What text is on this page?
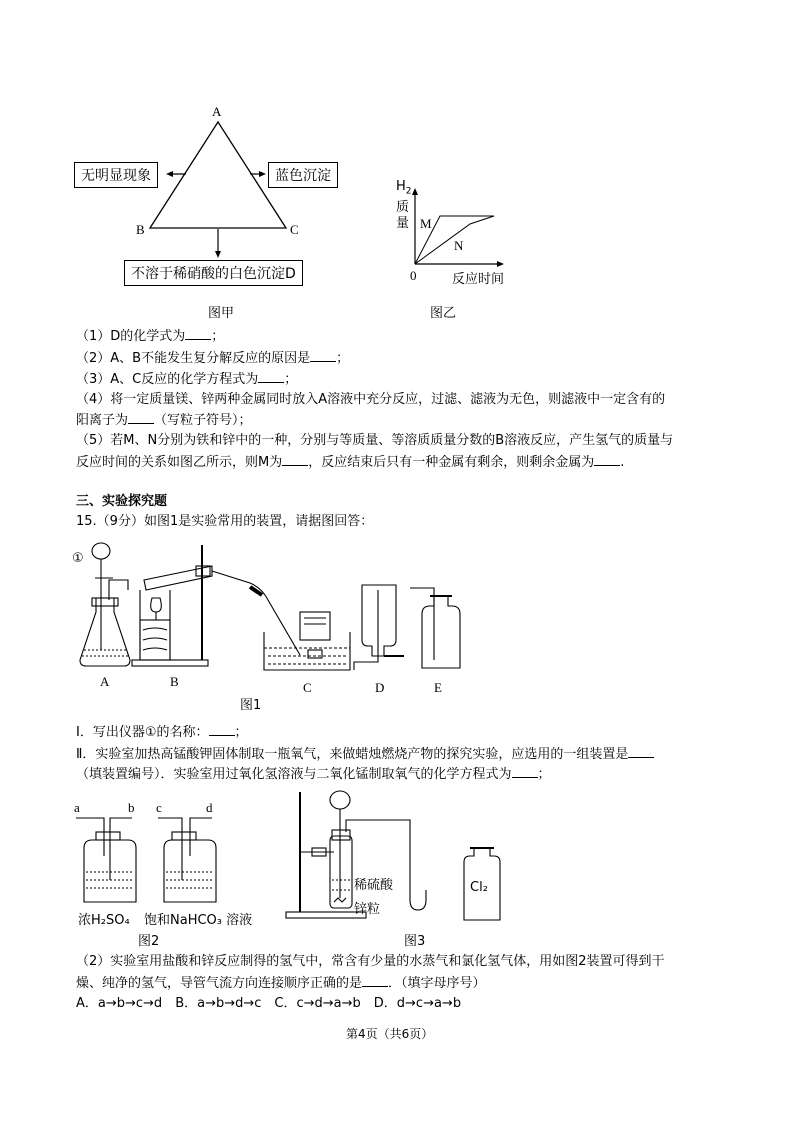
A
B	C
无明显现象	蓝色沉淀
不溶于稀硝酸的白色沉淀D
图甲
$H_2$
质
量 M
N
0	反应时间
图乙
（1）D的化学式为 ；
（2）A、B不能发生复分解反应的原因是 ；
（3）A、C反应的化学方程式为 ；
（4）将一定质量镁、锌两种金属同时放入A溶液中充分反应，过滤、滤液为无色，则滤液中一定含有的
阳离子为 （写粒子符号）；
（5）若M、N分别为铁和锌中的一种，分别与等质量、等溶质质量分数的B溶液反应，产生氢气的质量与
反应时间的关系如图乙所示，则M为 ，反应结束后只有一种金属有剩余，则剩余金属为 .
三、实验探究题
15.（9分）如图1是实验常用的装置，请据图回答：
①
A	B	C	D	E
图1
Ⅰ．写出仪器①的名称： ；
Ⅱ．实验室加热高锰酸钾固体制取一瓶氧气，来做蜡烛燃烧产物的探究实验，应选用的一组装置是
（填装置编号）．实验室用过氧化氢溶液与二氧化锰制取氧气的化学方程式为 ；
a	b c	d
浓H₂SO₄ 饱和NaHCO₃ 溶液
图2
稀硫酸
锌粒
Cl₂
图3
（2）实验室用盐酸和锌反应制得的氢气中，常含有少量的水蒸气和氯化氢气体，用如图2装置可得到干
燥、纯净的氢气，导管气流方向连接顺序正确的是 ．（填字母序号）
A．a→b→c→d　B．a→b→d→c　C．c→d→a→b　D．d→c→a→b
第4页（共6页）
